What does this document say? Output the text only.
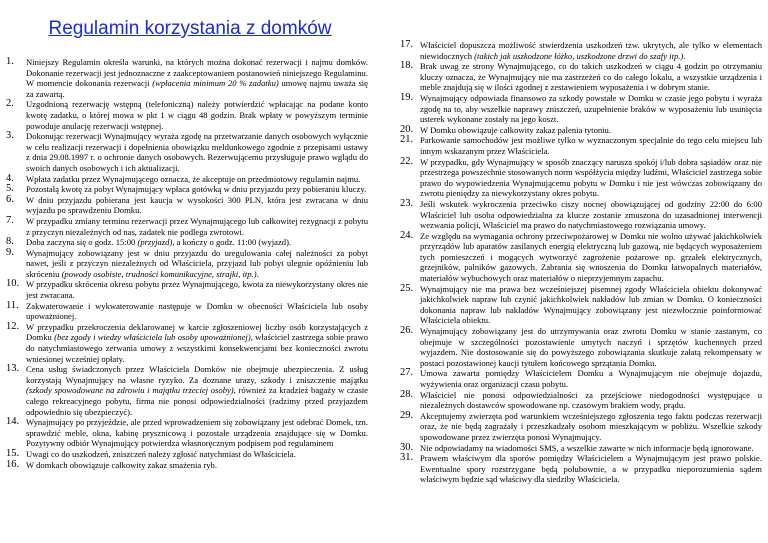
Regulamin korzystania z domków
1.	Niniejszy Regulamin określa warunki, na których można dokonać rezerwacji i najmu domków. Dokonanie rezerwacji jest jednoznaczne z zaakceptowaniem postanowień niniejszego Regulaminu. W momencie dokonania rezerwacji (wpłacenia minimum 20 % zadatku) umowę najmu uważa się za zawartą.
2.	Uzgodnioną rezerwację wstępną (telefoniczną) należy potwierdzić wpłacając na podane konto kwotę zadatku, o której mowa w pkt 1 w ciągu 48 godzin. Brak wpłaty w powyższym terminie powoduje anulację rezerwacji wstępnej.
3.	Dokonując rezerwacji Wynajmujący wyraża zgodę na przetwarzanie danych osobowych wyłącznie w celu realizacji rezerwacji i dopełnienia obowiązku meldunkowego zgodnie z przepisami ustawy z dnia 29.08.1997 r. o ochronie danych osobowych. Rezerwującemu przysługuje prawo wglądu do swoich danych osobowych i ich aktualizacji.
4.	Wpłata zadatku przez Wynajmującego oznacza, że akceptuje on przedmiotowy regulamin najmu.
5.	Pozostałą kwotę za pobyt Wynajmujący wpłaca gotówką w dniu przyjazdu przy pobieraniu kluczy.
6.	W dniu przyjazdu pobierana jest kaucja w wysokości 300 PLN, która jest zwracana w dniu wyjazdu po sprawdzeniu Domku.
7.	W przypadku zmiany terminu rezerwacji przez Wynajmującego lub całkowitej rezygnacji z pobytu z przyczyn niezależnych od nas, zadatek nie podlega zwrotowi.
8.	Doba zaczyna się o godz. 15:00 (przyjazd), a kończy o godz. 11:00 (wyjazd).
9.	Wynajmujący zobowiązany jest w dniu przyjazdu do uregulowania całej należności za pobyt nawet, jeśli z przyczyn niezależnych od Właściciela, przyjazd lub pobyt ulegnie opóźnieniu lub skróceniu (powody osobiste, trudności komunikacyjne, strajki, itp.).
10. W przypadku skrócenia okresu pobytu przez Wynajmującego, kwota za niewykorzystany okres nie jest zwracana.
11. Zakwaterowanie i wykwaterowanie następuje w Domku w obecności Właściciela lub osoby upoważnionej.
12. W przypadku przekroczenia deklarowanej w karcie zgłoszeniowej liczby osób korzystających z Domku (bez zgody i wiedzy właściciela lub osoby upoważnionej), właściciel zastrzega sobie prawo do natychmiastowego zerwania umowy z wszystkimi konsekwencjami bez konieczności zwrotu wniesionej wcześniej opłaty.
13. Cena usług świadczonych przez Właściciela Domków nie obejmuje ubezpieczenia. Z usług korzystają Wynajmujący na własne ryzyko. Za doznane urazy, szkody i zniszczenie majątku (szkody spowodowane na zdrowiu i majątku trzeciej osoby), również za kradzież bagaży w czasie całego rekreacyjnego pobytu, firma nie ponosi odpowiedzialności (radzimy przed przyjazdem odpowiednio się ubezpieczyć).
14. Wynajmujący po przyjeździe, ale przed wprowadzeniem się zobowiązany jest odebrać Domek, tzn. sprawdzić meble, okna, kabinę prysznicową i pozostałe urządzenia znajdujące się w Domku. Pozytywny odbiór Wynajmujący potwierdza własnoręcznym podpisem pod regulaminem
15. Uwagi co do uszkodzeń, zniszczeń należy zgłosić natychmiast do Właściciela.
16. W domkach obowiązuje całkowity zakaz smażenia ryb.
17. Właściciel dopuszcza możliwość stwierdzenia uszkodzeń tzw. ukrytych, ale tylko w elementach niewidocznych (takich jak uszkodzone łóżko, uszkodzone drzwi do szafy itp.).
18. Brak uwag ze strony Wynajmującego, co do takich uszkodzeń w ciągu 4 godzin po otrzymaniu kluczy oznacza, że Wynajmujący nie ma zastrzeżeń co do całego lokalu, a wszystkie urządzenia i meble znajdują się w ilości zgodnej z zestawieniem wyposażenia i w dobrym stanie.
19. Wynajmujący odpowiada finansowo za szkody powstałe w Domku w czasie jego pobytu i wyraża zgodę na to, aby wszelkie naprawy zniszczeń, uzupełnienie braków w wyposażeniu lub usunięcia usterek wykonane zostały na jego koszt.
20. W Domku obowiązuje całkowity zakaz palenia tytoniu.
21. Parkowanie samochodów jest możliwe tylko w wyznaczonym specjalnie do tego celu miejscu lub innym wskazanym przez Właściciela.
22. W przypadku, gdy Wynajmujący w sposób znaczący narusza spokój i/lub dobra sąsiadów oraz nie przestrzega powszechnie stosowanych norm współżycia między ludźmi, Właściciel zastrzega sobie prawo do wypowiedzenia Wynajmującemu pobytu w Domku i nie jest wówczas zobowiązany do zwrotu pieniędzy za niewykorzystany okres pobytu.
23. Jeśli wskutek wykroczenia przeciwko ciszy nocnej obowiązującej od godziny 22:00 do 6:00 Właściciel lub osoba odpowiedzialna za klucze zostanie zmuszona do uzasadnionej interwencji wezwania policji, Właściciel ma prawo do natychmiastowego rozwiązania umowy.
24. Ze względu na wymagania ochrony przeciwpożarowej w Domku nie wolno używać jakichkolwiek przyrządów lub aparatów zasilanych energią elektryczną lub gazową, nie będących wyposażeniem tych pomieszczeń i mogących wytworzyć zagrożenie pożarowe np. grzałek elektrycznych, grzejników, palników gazowych. Zabrania się wnoszenia do Domku łatwopalnych materiałów, materiałów wybuchowych oraz materiałów o nieprzyjemnym zapachu.
25. Wynajmujący nie ma prawa bez wcześniejszej pisemnej zgody Właściciela obiektu dokonywać jakichkolwiek napraw lub czynić jakichkolwiek nakładów lub zmian w Domku. O konieczności dokonania napraw lub nakładów Wynajmujący zobowiązany jest niezwłocznie poinformować Właściciela obiektu.
26. Wynajmujący zobowiązany jest do utrzymywania oraz zwrotu Domku w stanie zastanym, co obejmuje w szczególności pozostawienie umytych naczyń i sprzętów kuchennych przed wyjazdem. Nie dostosowanie się do powyższego zobowiązania skutkuje załatą rekompensaty w postaci pozostawionej kaucji tytułem końcowego sprzątania Domku.
27. Umowa zawarta pomiędzy Właścicielem Domku a Wynajmującym nie obejmuje dojazdu, wyżywienia oraz organizacji czasu pobytu.
28. Właściciel nie ponosi odpowiedzialności za przejściowe niedogodności występujące u niezależnych dostawców spowodowane np. czasowym brakiem wody, prądu.
29. Akceptujemy zwierzęta pod warunkiem wcześniejszego zgłoszenia tego faktu podczas rezerwacji oraz, że nie będą zagrażały i przeszkadzały osobom mieszkającym w pobliżu. Wszelkie szkody spowodowane przez zwierzęta ponosi Wynajmujący.
30. Nie odpowiadamy na wiadomości SMS, a wszelkie zawarte w nich informacje będą ignorowane.
31. Prawem właściwym dla sporów pomiędzy Właścicielem a Wynajmującym jest prawo polskie. Ewentualne spory rozstrzygane będą polubownie, a w przypadku nieporozumienia sądem właściwym będzie sąd właściwy dla siedziby Właściciela.
